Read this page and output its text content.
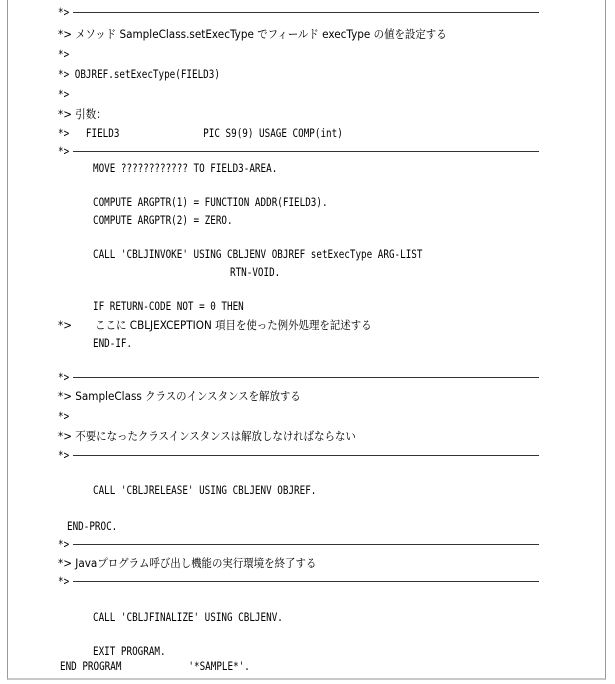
*>
*> メソッド SampleClass.setExecType でフィールド execType の値を設定する
*>
*> OBJREF.setExecType(FIELD3)
*>
*> 引数：
*>   FIELD3               PIC S9(9) USAGE COMP(int)
*>
MOVE ???????????? TO FIELD3-AREA.
COMPUTE ARGPTR(1) = FUNCTION ADDR(FIELD3).
COMPUTE ARGPTR(2) = ZERO.
CALL 'CBLJINVOKE' USING CBLJENV OBJREF setExecType ARG-LIST
RTN-VOID.
IF RETURN-CODE NOT = 0 THEN
*>       ここに CBLJEXCEPTION 項目を使った例外処理を記述する
END-IF.
*>
*> SampleClass クラスのインスタンスを解放する
*>
*> 不要になったクラスインスタンスは解放しなければならない
*>
CALL 'CBLJRELEASE' USING CBLJENV OBJREF.
END-PROC.
*>
*> Javaプログラム呼び出し機能の実行環境を終了する
*>
CALL 'CBLJFINALIZE' USING CBLJENV.
EXIT PROGRAM.
END PROGRAM            '*SAMPLE*'.
